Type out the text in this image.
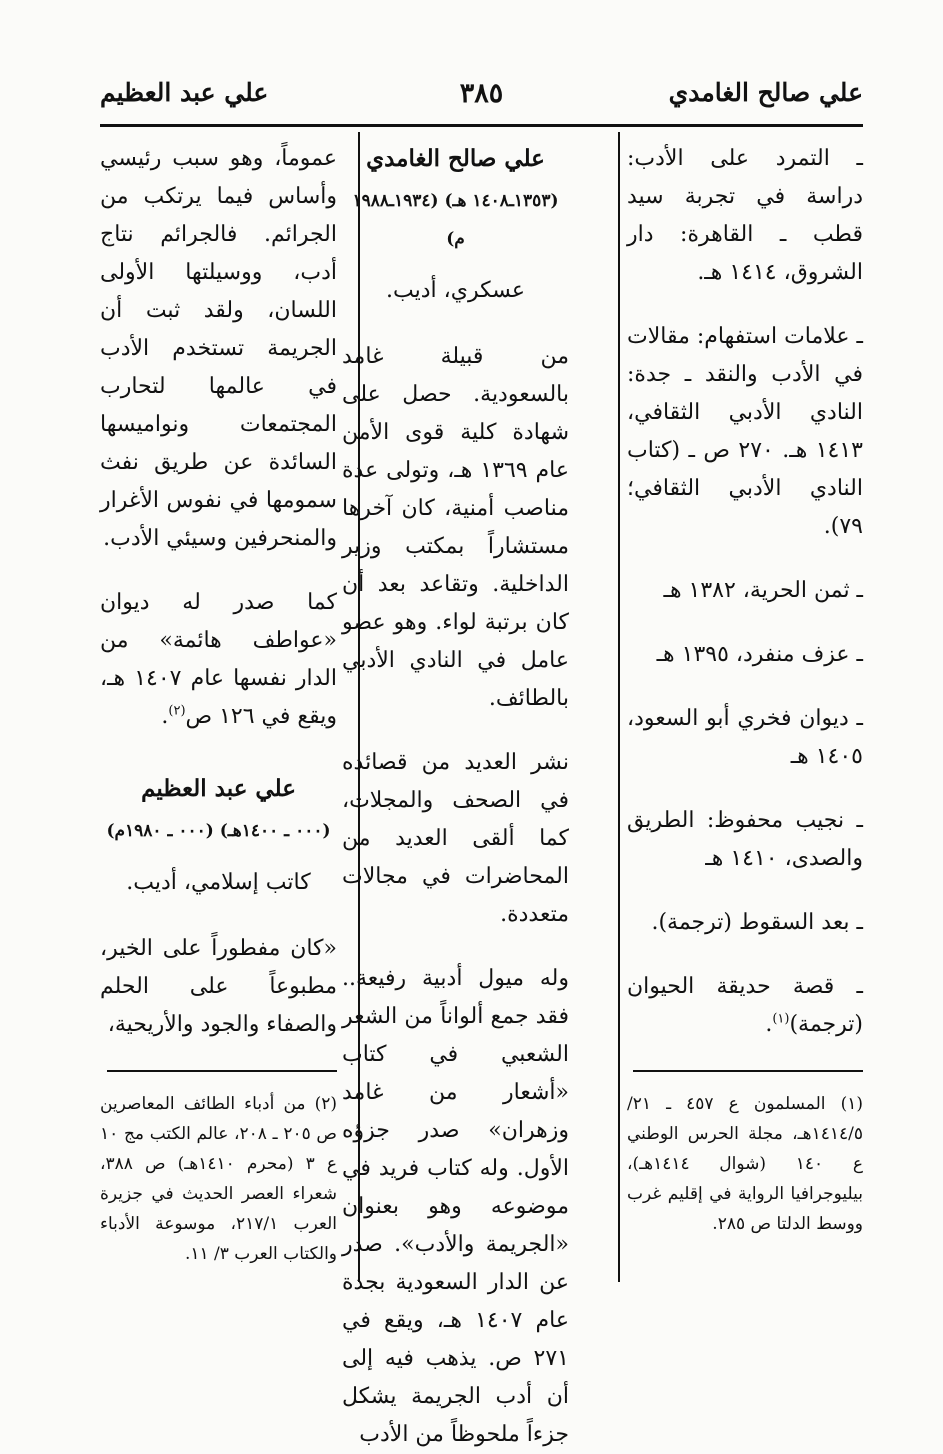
علي صالح الغامدي
٣٨٥
علي عبد العظيم

ـ التمرد على الأدب: دراسة في تجربة سيد قطب ـ القاهرة: دار الشروق، ١٤١٤ هـ.

ـ علامات استفهام: مقالات في الأدب والنقد ـ جدة: النادي الأدبي الثقافي، ١٤١٣ هـ. ٢٧٠ ص ـ (كتاب النادي الأدبي الثقافي؛ ٧٩).

ـ ثمن الحرية، ١٣٨٢ هـ

ـ عزف منفرد، ١٣٩٥ هـ

ـ ديوان فخري أبو السعود، ١٤٠٥ هـ

ـ نجيب محفوظ: الطريق والصدى، ١٤١٠ هـ

ـ بعد السقوط (ترجمة).

ـ قصة حديقة الحيوان (ترجمة)$^{(١)}$.

(١) المسلمون ع ٤٥٧ ـ ٢١/ ١٤١٤/٥هـ، مجلة الحرس الوطني ع ١٤٠ (شوال ١٤١٤هـ)، بيليوجرافيا الرواية في إقليم غرب ووسط الدلتا ص ٢٨٥.

علي صالح الغامدي

(١٣٥٣ـ١٤٠٨ هـ) (١٩٣٤ـ١٩٨٨ م)

عسكري، أديب.

من قبيلة غامد بالسعودية. حصل على شهادة كلية قوى الأمن عام ١٣٦٩ هـ، وتولى عدة مناصب أمنية، كان آخرها مستشاراً بمكتب وزير الداخلية. وتقاعد بعد أن كان برتبة لواء. وهو عضو عامل في النادي الأدبي بالطائف.

نشر العديد من قصائده في الصحف والمجلات، كما ألقى العديد من المحاضرات في مجالات متعددة.

وله ميول أدبية رفيعة.. فقد جمع ألواناً من الشعر الشعبي في كتاب «أشعار من غامد وزهران» صدر جزؤه الأول. وله كتاب فريد في موضوعه وهو بعنوان «الجريمة والأدب». صدر عن الدار السعودية بجدة عام ١٤٠٧ هـ، ويقع في ٢٧١ ص. يذهب فيه إلى أن أدب الجريمة يشكل جزءاً ملحوظاً من الأدب

عموماً، وهو سبب رئيسي وأساس فيما يرتكب من الجرائم. فالجرائم نتاج أدب، ووسيلتها الأولى اللسان، ولقد ثبت أن الجريمة تستخدم الأدب في عالمها لتحارب المجتمعات ونواميسها السائدة عن طريق نفث سمومها في نفوس الأغرار والمنحرفين وسيئي الأدب.

كما صدر له ديوان «عواطف هائمة» من الدار نفسها عام ١٤٠٧ هـ، ويقع في ١٢٦ ص$^{(٢)}$.

علي عبد العظيم

(٠٠٠ ـ ١٤٠٠هـ) (٠٠٠ ـ ١٩٨٠م)

كاتب إسلامي، أديب.

«كان مفطوراً على الخير، مطبوعاً على الحلم والصفاء والجود والأريحية،

(٢) من أدباء الطائف المعاصرين ص ٢٠٥ ـ ٢٠٨، عالم الكتب مج ١٠ ع ٣ (محرم ١٤١٠هـ) ص ٣٨٨، شعراء العصر الحديث في جزيرة العرب ٢١٧/١، موسوعة الأدباء والكتاب العرب ٣/ ١١.
